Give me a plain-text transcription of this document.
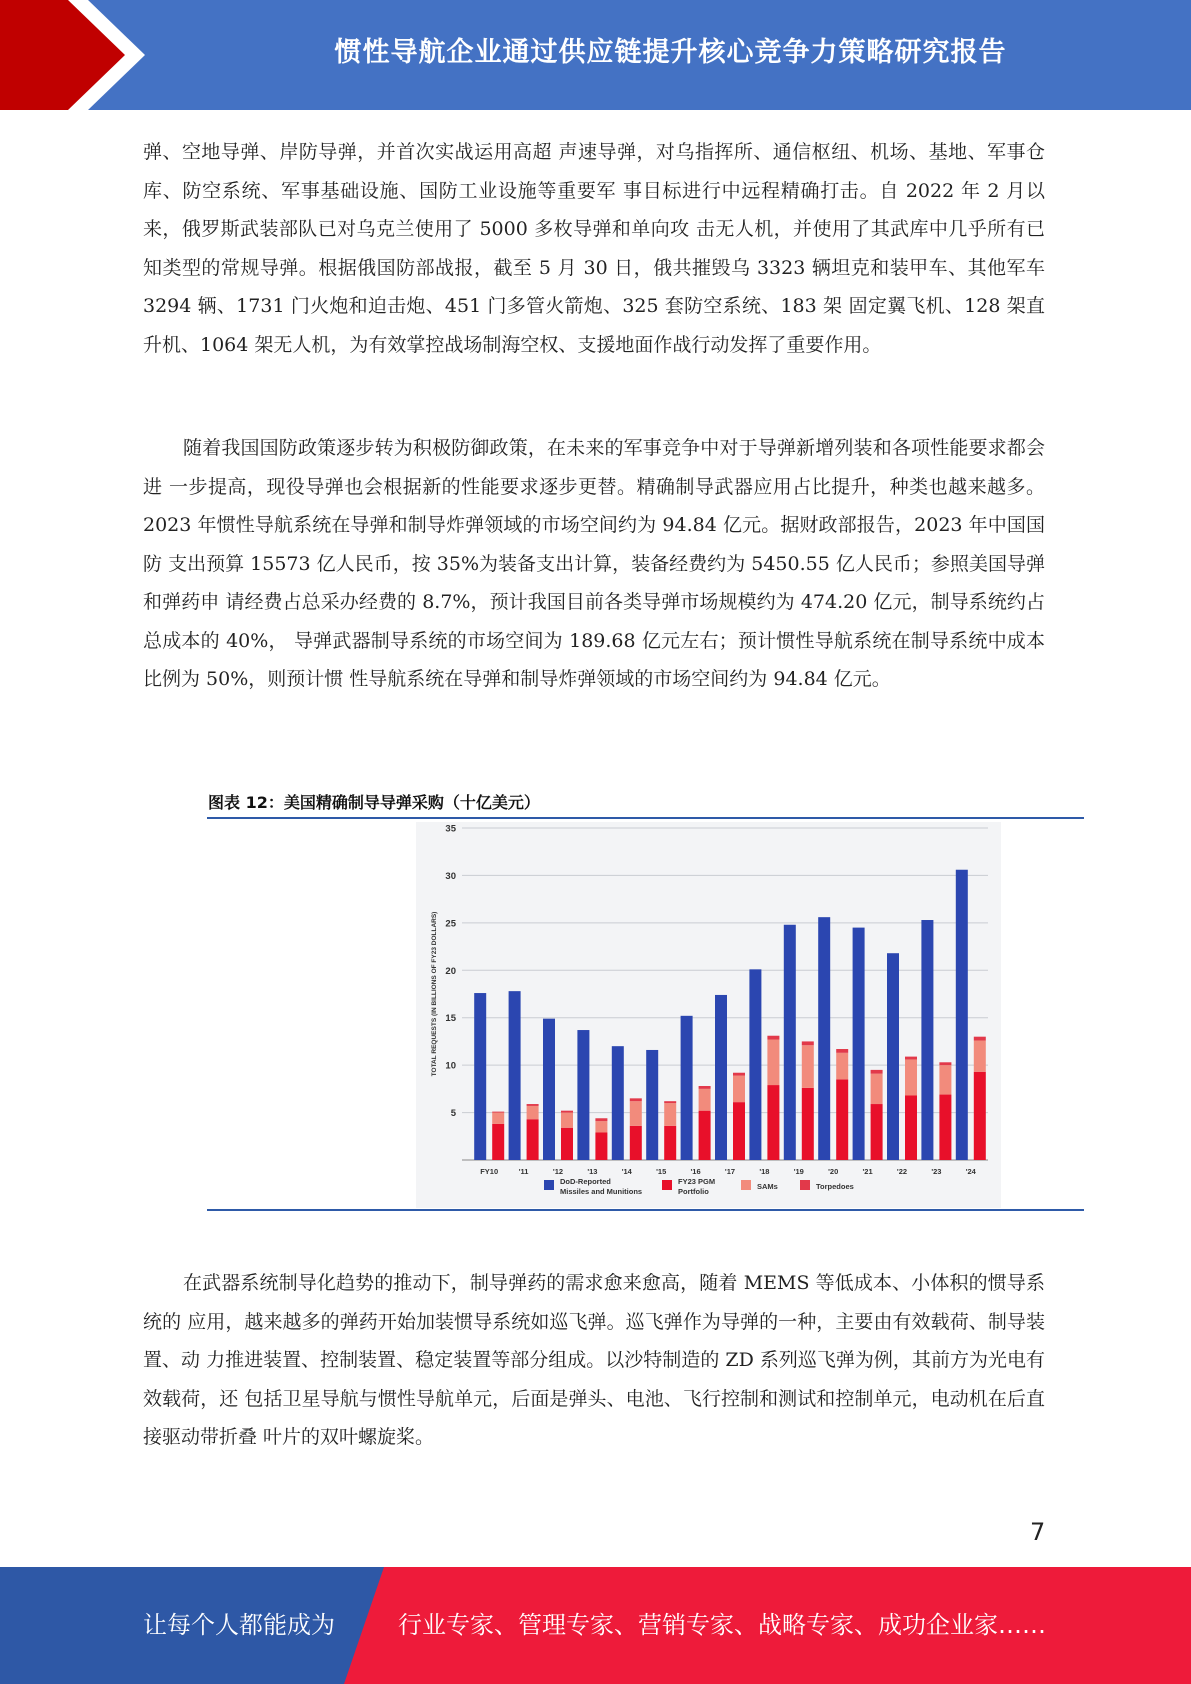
惯性导航企业通过供应链提升核心竞争力策略研究报告

弹、空地导弹、岸防导弹，并首次实战运用高超 声速导弹，对乌指挥所、通信枢纽、机场、基地、军事仓库、防空系统、军事基础设施、国防工业设施等重要军 事目标进行中远程精确打击。自 2022 年 2 月以来，俄罗斯武装部队已对乌克兰使用了 5000 多枚导弹和单向攻 击无人机，并使用了其武库中几乎所有已知类型的常规导弹。根据俄国防部战报，截至 5 月 30 日，俄共摧毁乌 3323 辆坦克和装甲车、其他军车 3294 辆、1731 门火炮和迫击炮、451 门多管火箭炮、325 套防空系统、183 架 固定翼飞机、128 架直升机、1064 架无人机，为有效掌控战场制海空权、支援地面作战行动发挥了重要作用。

随着我国国防政策逐步转为积极防御政策，在未来的军事竞争中对于导弹新增列装和各项性能要求都会进 一步提高，现役导弹也会根据新的性能要求逐步更替。精确制导武器应用占比提升，种类也越来越多。 2023 年惯性导航系统在导弹和制导炸弹领域的市场空间约为 94.84 亿元。据财政部报告，2023 年中国国防 支出预算 15573 亿人民币，按 35%为装备支出计算，装备经费约为 5450.55 亿人民币；参照美国导弹和弹药申 请经费占总采办经费的 8.7%，预计我国目前各类导弹市场规模约为 474.20 亿元，制导系统约占总成本的 40%， 导弹武器制导系统的市场空间为 189.68 亿元左右；预计惯性导航系统在制导系统中成本比例为 50%，则预计惯 性导航系统在导弹和制导炸弹领域的市场空间约为 94.84 亿元。

图表 12：美国精确制导导弹采购（十亿美元）
5
10
15
20
25
30
35
TOTAL REQUESTS (IN BILLIONS OF FY23 DOLLARS)
FY10	'11	'12	'13	'14	'15	'16	'17	'18	'19	'20	'21	'22	'23	'24
DoD-Reported
Missiles and Munitions
FY23 PGM
Portfolio
SAMs	Torpedoes

在武器系统制导化趋势的推动下，制导弹药的需求愈来愈高，随着 MEMS 等低成本、小体积的惯导系统的 应用，越来越多的弹药开始加装惯导系统如巡飞弹。巡飞弹作为导弹的一种，主要由有效载荷、制导装置、动 力推进装置、控制装置、稳定装置等部分组成。以沙特制造的 ZD 系列巡飞弹为例，其前方为光电有效载荷，还 包括卫星导航与惯性导航单元，后面是弹头、电池、飞行控制和测试和控制单元，电动机在后直接驱动带折叠 叶片的双叶螺旋桨。

7
让每个人都能成为	行业专家、管理专家、营销专家、战略专家、成功企业家……
